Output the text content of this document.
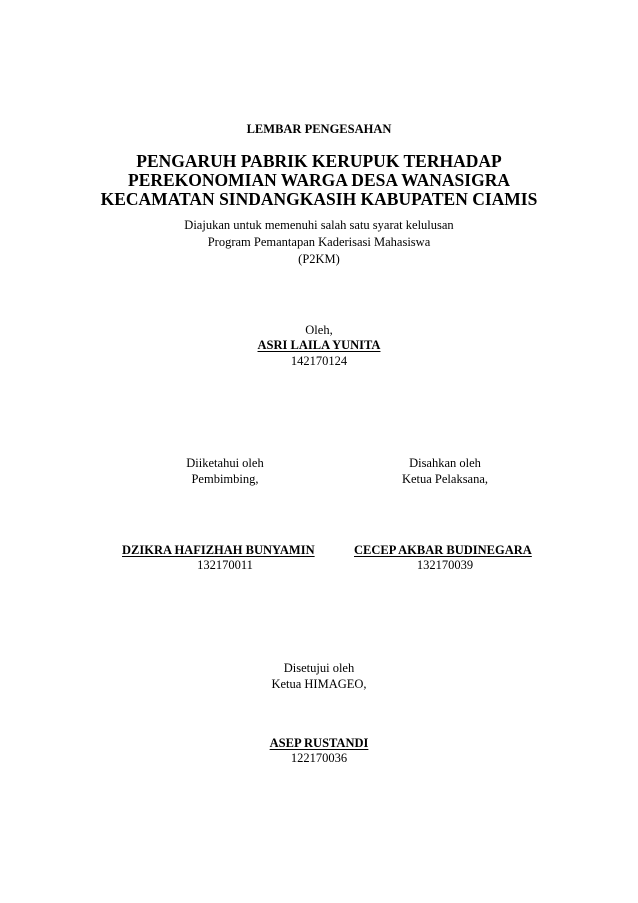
LEMBAR PENGESAHAN
PENGARUH PABRIK KERUPUK TERHADAP
PEREKONOMIAN WARGA DESA WANASIGRA
KECAMATAN SINDANGKASIH KABUPATEN CIAMIS
Diajukan untuk memenuhi salah satu syarat kelulusan
Program Pemantapan Kaderisasi Mahasiswa
(P2KM)
Oleh,
ASRI LAILA YUNITA
142170124
Diiketahui oleh
Pembimbing,
DZIKRA HAFIZHAH BUNYAMIN
132170011
Disahkan oleh
Ketua Pelaksana,
CECEP AKBAR BUDINEGARA
132170039
Disetujui oleh
Ketua HIMAGEO,
ASEP RUSTANDI
122170036
